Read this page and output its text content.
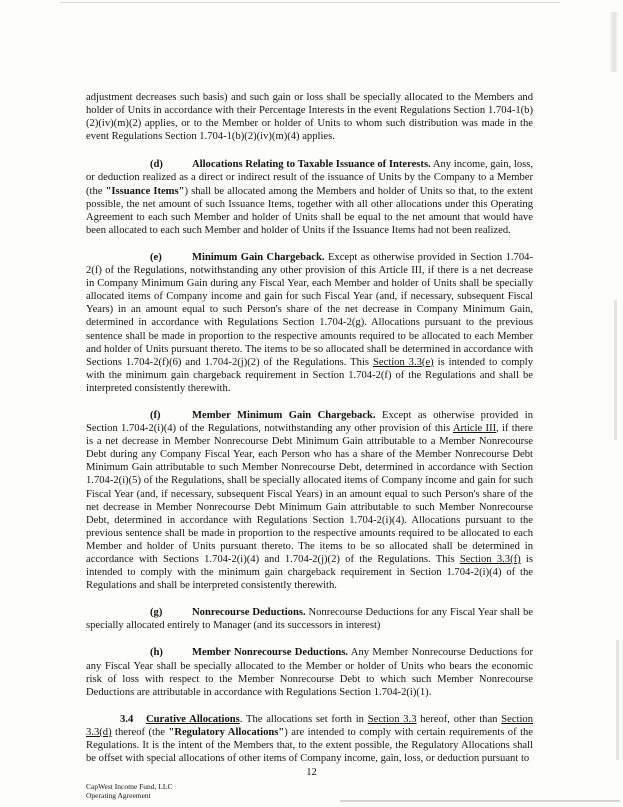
adjustment decreases such basis) and such gain or loss shall be specially allocated to the Members and holder of Units in accordance with their Percentage Interests in the event Regulations Section 1.704-1(b)(2)(iv)(m)(2) applies, or to the Member or holder of Units to whom such distribution was made in the event Regulations Section 1.704-1(b)(2)(iv)(m)(4) applies.

(d)	Allocations Relating to Taxable Issuance of Interests. Any income, gain, loss, or deduction realized as a direct or indirect result of the issuance of Units by the Company to a Member (the "Issuance Items") shall be allocated among the Members and holder of Units so that, to the extent possible, the net amount of such Issuance Items, together with all other allocations under this Operating Agreement to each such Member and holder of Units shall be equal to the net amount that would have been allocated to each such Member and holder of Units if the Issuance Items had not been realized.

(e)	Minimum Gain Chargeback. Except as otherwise provided in Section 1.704-2(f) of the Regulations, notwithstanding any other provision of this Article III, if there is a net decrease in Company Minimum Gain during any Fiscal Year, each Member and holder of Units shall be specially allocated items of Company income and gain for such Fiscal Year (and, if necessary, subsequent Fiscal Years) in an amount equal to such Person's share of the net decrease in Company Minimum Gain, determined in accordance with Regulations Section 1.704-2(g). Allocations pursuant to the previous sentence shall be made in proportion to the respective amounts required to be allocated to each Member and holder of Units pursuant thereto. The items to be so allocated shall be determined in accordance with Sections 1.704-2(f)(6) and 1.704-2(j)(2) of the Regulations. This Section 3.3(e) is intended to comply with the minimum gain chargeback requirement in Section 1.704-2(f) of the Regulations and shall be interpreted consistently therewith.

(f)	Member Minimum Gain Chargeback. Except as otherwise provided in Section 1.704-2(i)(4) of the Regulations, notwithstanding any other provision of this Article III, if there is a net decrease in Member Nonrecourse Debt Minimum Gain attributable to a Member Nonrecourse Debt during any Company Fiscal Year, each Person who has a share of the Member Nonrecourse Debt Minimum Gain attributable to such Member Nonrecourse Debt, determined in accordance with Section 1.704-2(i)(5) of the Regulations, shall be specially allocated items of Company income and gain for such Fiscal Year (and, if necessary, subsequent Fiscal Years) in an amount equal to such Person's share of the net decrease in Member Nonrecourse Debt Minimum Gain attributable to such Member Nonrecourse Debt, determined in accordance with Regulations Section 1.704-2(i)(4). Allocations pursuant to the previous sentence shall be made in proportion to the respective amounts required to be allocated to each Member and holder of Units pursuant thereto. The items to be so allocated shall be determined in accordance with Sections 1.704-2(i)(4) and 1.704-2(j)(2) of the Regulations. This Section 3.3(f) is intended to comply with the minimum gain chargeback requirement in Section 1.704-2(i)(4) of the Regulations and shall be interpreted consistently therewith.

(g)	Nonrecourse Deductions. Nonrecourse Deductions for any Fiscal Year shall be specially allocated entirely to Manager (and its successors in interest)

(h)	Member Nonrecourse Deductions. Any Member Nonrecourse Deductions for any Fiscal Year shall be specially allocated to the Member or holder of Units who bears the economic risk of loss with respect to the Member Nonrecourse Debt to which such Member Nonrecourse Deductions are attributable in accordance with Regulations Section 1.704-2(i)(1).

3.4 Curative Allocations. The allocations set forth in Section 3.3 hereof, other than Section 3.3(d) thereof (the "Regulatory Allocations") are intended to comply with certain requirements of the Regulations. It is the intent of the Members that, to the extent possible, the Regulatory Allocations shall be offset with special allocations of other items of Company income, gain, loss, or deduction pursuant to

12
CapWest Income Fund, LLC
Operating Agreement
